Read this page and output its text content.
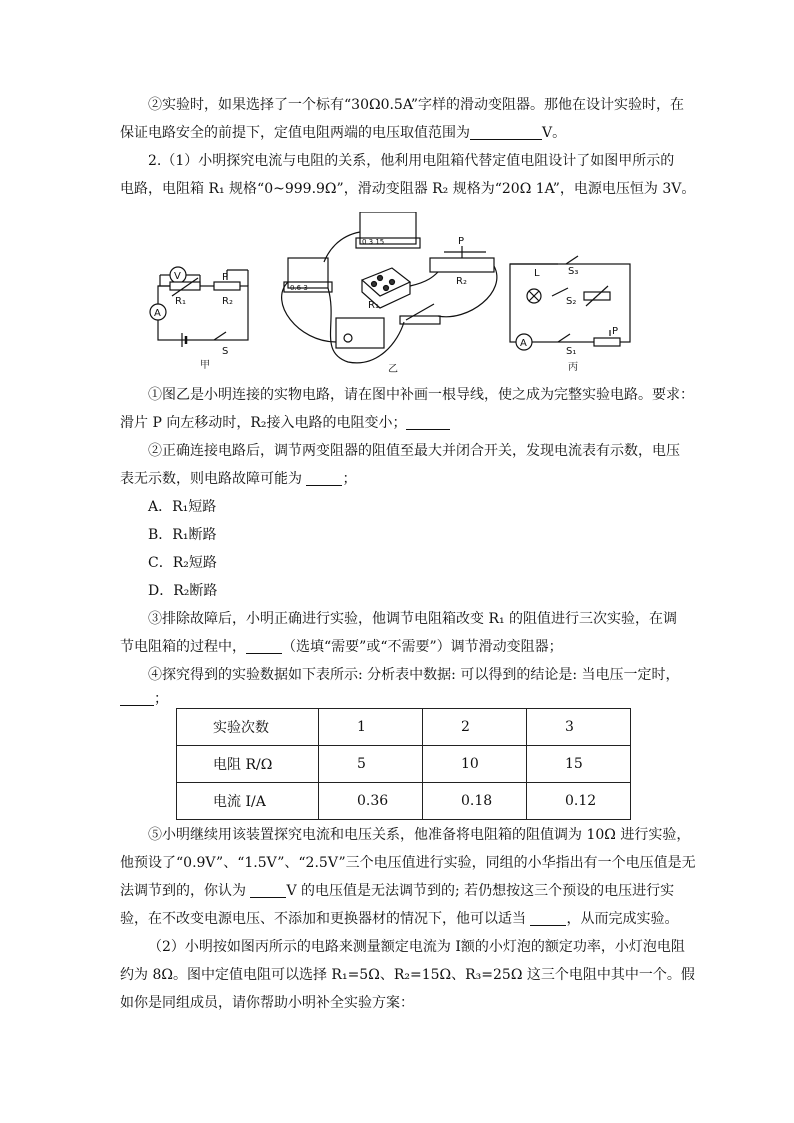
②实验时，如果选择了一个标有“30Ω0.5A”字样的滑动变阻器。那他在设计实验时，在
保证电路安全的前提下，定值电阻两端的电压取值范围为	V。
2.（1）小明探究电流与电阻的关系，他利用电阻箱代替定值电阻设计了如图甲所示的
电路，电阻箱 R₁ 规格“0~999.9Ω”，滑动变阻器 R₂ 规格为“20Ω 1A”，电源电压恒为 3V。
V
A
R₁	R₂
P
S
甲	乙
0 3 15
0.6 3
R₁
R₂
P
L	S₃
S₂
A
S₁
P
丙
①图乙是小明连接的实物电路，请在图中补画一根导线，使之成为完整实验电路。要求：
滑片 P 向左移动时，R₂接入电路的电阻变小；
②正确连接电路后，调节两变阻器的阻值至最大并闭合开关，发现电流表有示数，电压
表无示数，则电路故障可能为	；
A．R₁短路
B．R₁断路
C．R₂短路
D．R₂断路
③排除故障后，小明正确进行实验，他调节电阻箱改变 R₁ 的阻值进行三次实验，在调
节电阻箱的过程中，	（选填“需要”或“不需要”）调节滑动变阻器；
④探究得到的实验数据如下表所示: 分析表中数据: 可以得到的结论是: 当电压一定时，
；
实验次数	1	2	3
电阻 R/Ω	5	10	15
电流 I/A	0.36	0.18	0.12
⑤小明继续用该装置探究电流和电压关系，他准备将电阻箱的阻值调为 10Ω 进行实验，
他预设了“0.9V”、“1.5V”、“2.5V”三个电压值进行实验，同组的小华指出有一个电压值是无
法调节到的，你认为	V 的电压值是无法调节到的; 若仍想按这三个预设的电压进行实
验，在不改变电源电压、不添加和更换器材的情况下，他可以适当	，从而完成实验。
（2）小明按如图丙所示的电路来测量额定电流为 I额的小灯泡的额定功率，小灯泡电阻
约为 8Ω。图中定值电阻可以选择 R₁=5Ω、R₂=15Ω、R₃=25Ω 这三个电阻中其中一个。假
如你是同组成员，请你帮助小明补全实验方案：
